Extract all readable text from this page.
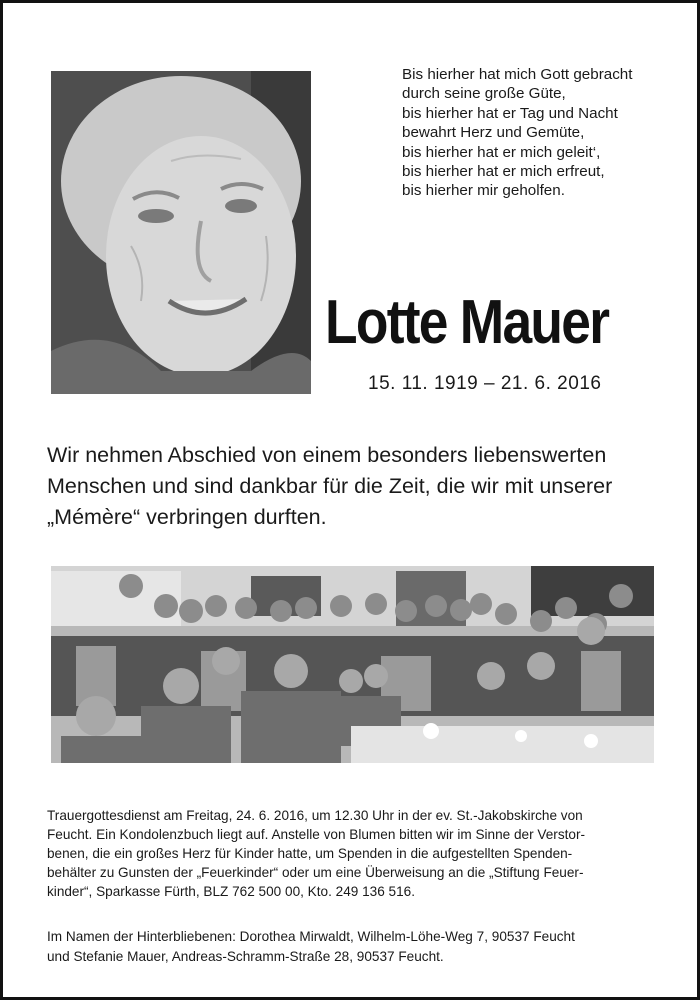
Bis hierher hat mich Gott gebracht
durch seine große Güte,
bis hierher hat er Tag und Nacht
bewahrt Herz und Gemüte,
bis hierher hat er mich geleit‘,
bis hierher hat er mich erfreut,
bis hierher mir geholfen.
Lotte Mauer
15. 11. 1919 – 21. 6. 2016

Wir nehmen Abschied von einem besonders liebenswerten
Menschen und sind dankbar für die Zeit, die wir mit unserer
„Mémère“ verbringen durften.

Trauergottesdienst am Freitag, 24. 6. 2016, um 12.30 Uhr in der ev. St.-Jakobskirche von
Feucht. Ein Kondolenzbuch liegt auf. Anstelle von Blumen bitten wir im Sinne der Verstor-
benen, die ein großes Herz für Kinder hatte, um Spenden in die aufgestellten Spenden-
behälter zu Gunsten der „Feuerkinder“ oder um eine Überweisung an die „Stiftung Feuer-
kinder“, Sparkasse Fürth, BLZ 762 500 00, Kto. 249 136 516.

Im Namen der Hinterbliebenen: Dorothea Mirwaldt, Wilhelm-Löhe-Weg 7, 90537 Feucht
und Stefanie Mauer, Andreas-Schramm-Straße 28, 90537 Feucht.
